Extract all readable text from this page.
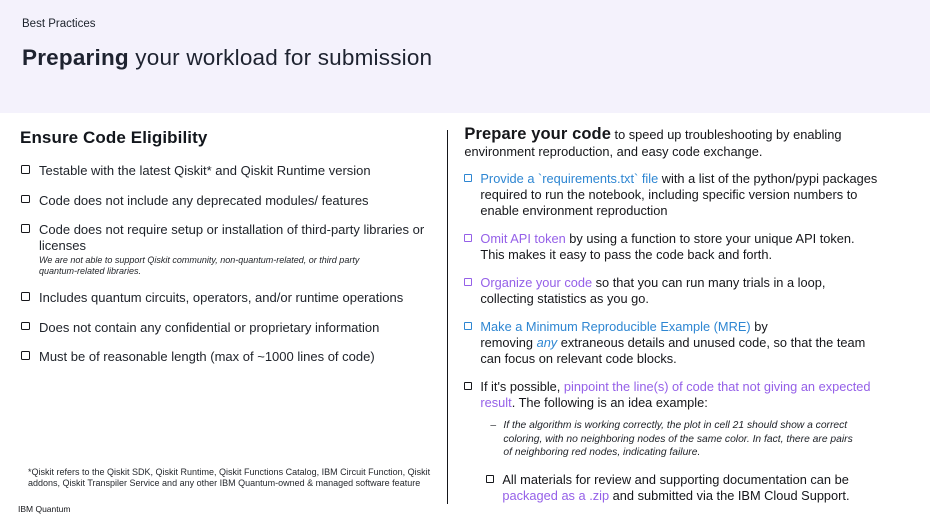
Best Practices

Preparing your workload for submission
Ensure Code Eligibility
Testable with the latest Qiskit* and Qiskit Runtime version
Code does not include any deprecated modules/ features
Code does not require setup or installation of third-party libraries or licenses
We are not able to support Qiskit community, non-quantum-related, or third party quantum-related libraries.
Includes quantum circuits, operators, and/or runtime operations
Does not contain any confidential or proprietary information
Must be of reasonable length (max of ~1000 lines of code)
*Qiskit refers to the Qiskit SDK, Qiskit Runtime, Qiskit Functions Catalog, IBM Circuit Function, Qiskit addons, Qiskit Transpiler Service and any other IBM Quantum-owned & managed software feature
IBM Quantum

Prepare your code to speed up troubleshooting by enabling environment reproduction, and easy code exchange.

Provide a `requirements.txt` file with a list of the python/pypi packages required to run the notebook, including specific version numbers to enable environment reproduction
Omit API token by using a function to store your unique API token. This makes it easy to pass the code back and forth.
Organize your code so that you can run many trials in a loop, collecting statistics as you go.
Make a Minimum Reproducible Example (MRE) by
removing any extraneous details and unused code, so that the team can focus on relevant code blocks.
If it's possible, pinpoint the line(s) of code that not giving an expected result. The following is an idea example:
– If the algorithm is working correctly, the plot in cell 21 should show a correct coloring, with no neighboring nodes of the same color. In fact, there are pairs of neighboring red nodes, indicating failure.
All materials for review and supporting documentation can be packaged as a .zip and submitted via the IBM Cloud Support.
